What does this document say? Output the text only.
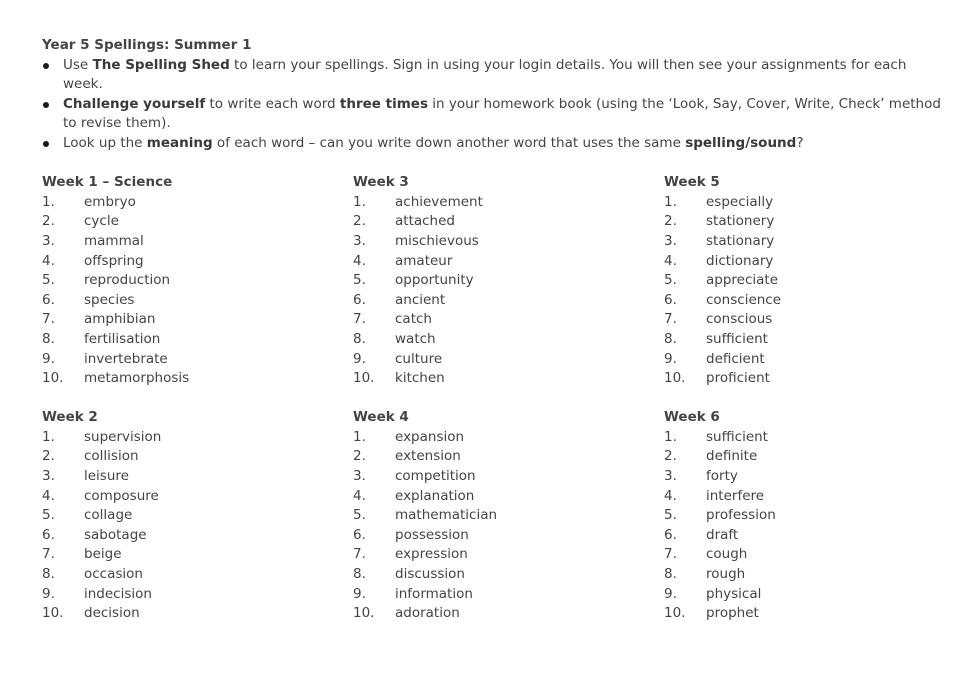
Year 5 Spellings: Summer 1

Use The Spelling Shed to learn your spellings. Sign in using your login details. You will then see your assignments for each week.
Challenge yourself to write each word three times in your homework book (using the ‘Look, Say, Cover, Write, Check’ method to revise them).
Look up the meaning of each word – can you write down another word that uses the same spelling/sound?

Week 1 – Science

1.	embryo
2.	cycle
3.	mammal
4.	offspring
5.	reproduction
6.	species
7.	amphibian
8.	fertilisation
9.	invertebrate
10.	metamorphosis

Week 3

1.	achievement
2.	attached
3.	mischievous
4.	amateur
5.	opportunity
6.	ancient
7.	catch
8.	watch
9.	culture
10.	kitchen

Week 5

1.	especially
2.	stationery
3.	stationary
4.	dictionary
5.	appreciate
6.	conscience
7.	conscious
8.	sufficient
9.	deficient
10.	proficient

Week 2

1.	supervision
2.	collision
3.	leisure
4.	composure
5.	collage
6.	sabotage
7.	beige
8.	occasion
9.	indecision
10.	decision

Week 4

1.	expansion
2.	extension
3.	competition
4.	explanation
5.	mathematician
6.	possession
7.	expression
8.	discussion
9.	information
10.	adoration

Week 6

1.	sufficient
2.	definite
3.	forty
4.	interfere
5.	profession
6.	draft
7.	cough
8.	rough
9.	physical
10.	prophet
